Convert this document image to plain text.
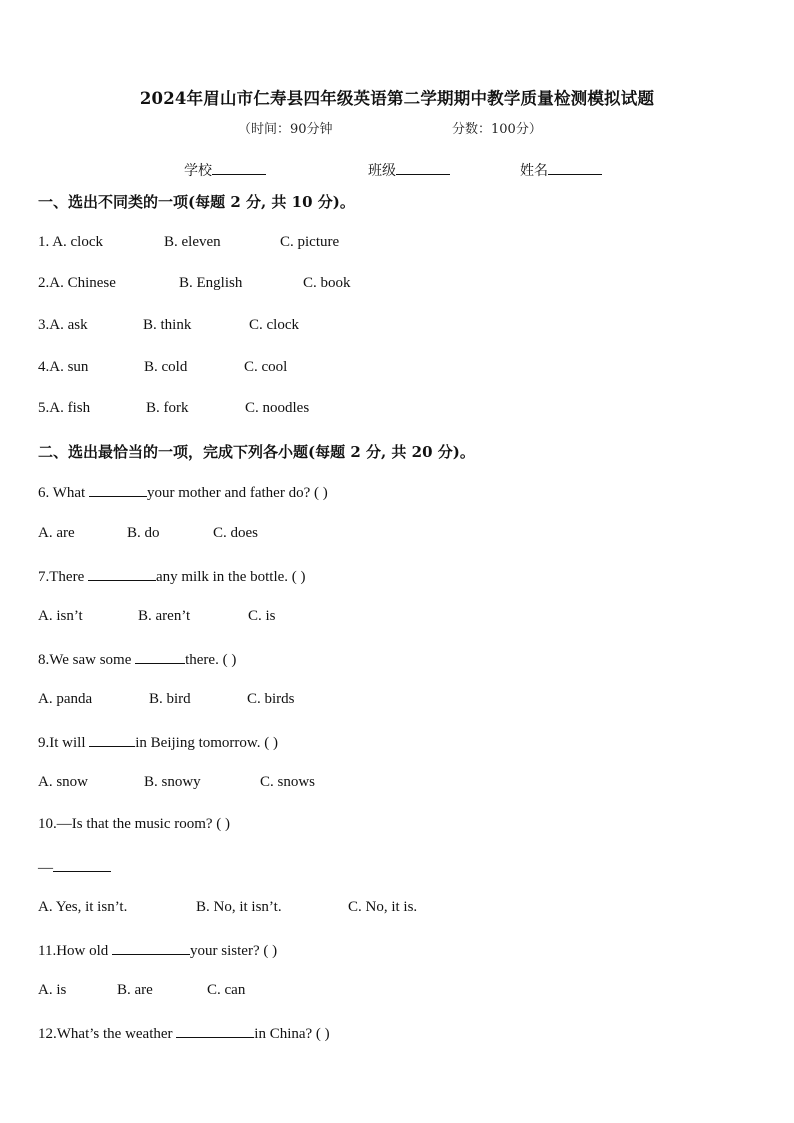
2024年眉山市仁寿县四年级英语第二学期期中教学质量检测模拟试题
（时间：90分钟	分数：100分）
学校	班级	姓名
一、选出不同类的一项(每题 2 分, 共 10 分)。
1. A. clock	B. eleven	C. picture
2.A. Chinese	B. English	C. book
3.A. ask	B. think	C. clock
4.A. sun	B. cold	C. cool
5.A. fish	B. fork	C. noodles
二、选出最恰当的一项，完成下列各小题(每题 2 分, 共 20 分)。
6. What	your mother and father do? ( )
A. are	B. do	C. does
7.There	any milk in the bottle. ( )
A. isn’t	B. aren’t	C. is
8.We saw some	there. ( )
A. panda	B. bird	C. birds
9.It will	in Beijing tomorrow. ( )
A. snow	B. snowy	C. snows
10.—Is that the music room? ( )
—
A. Yes, it isn’t.	B. No, it isn’t.	C. No, it is.
11.How old	your sister? ( )
A. is	B. are	C. can
12.What’s the weather	in China? ( )
